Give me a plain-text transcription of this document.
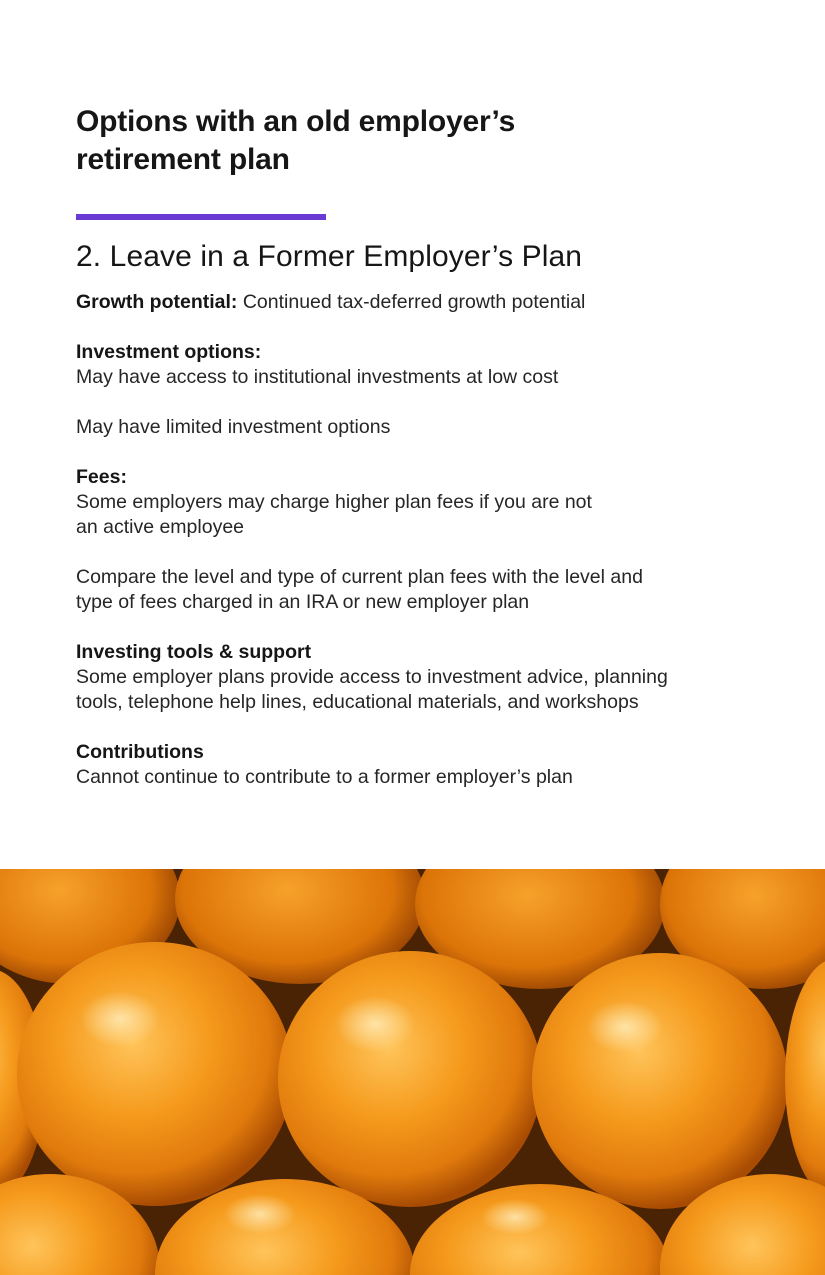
Options with an old employer’s
retirement plan
2. Leave in a Former Employer’s Plan

Growth potential: Continued tax-deferred growth potential

Investment options:
May have access to institutional investments at low cost

May have limited investment options

Fees:
Some employers may charge higher plan fees if you are not
an active employee

Compare the level and type of current plan fees with the level and
type of fees charged in an IRA or new employer plan

Investing tools & support
Some employer plans provide access to investment advice, planning
tools, telephone help lines, educational materials, and workshops

Contributions
Cannot continue to contribute to a former employer’s plan
